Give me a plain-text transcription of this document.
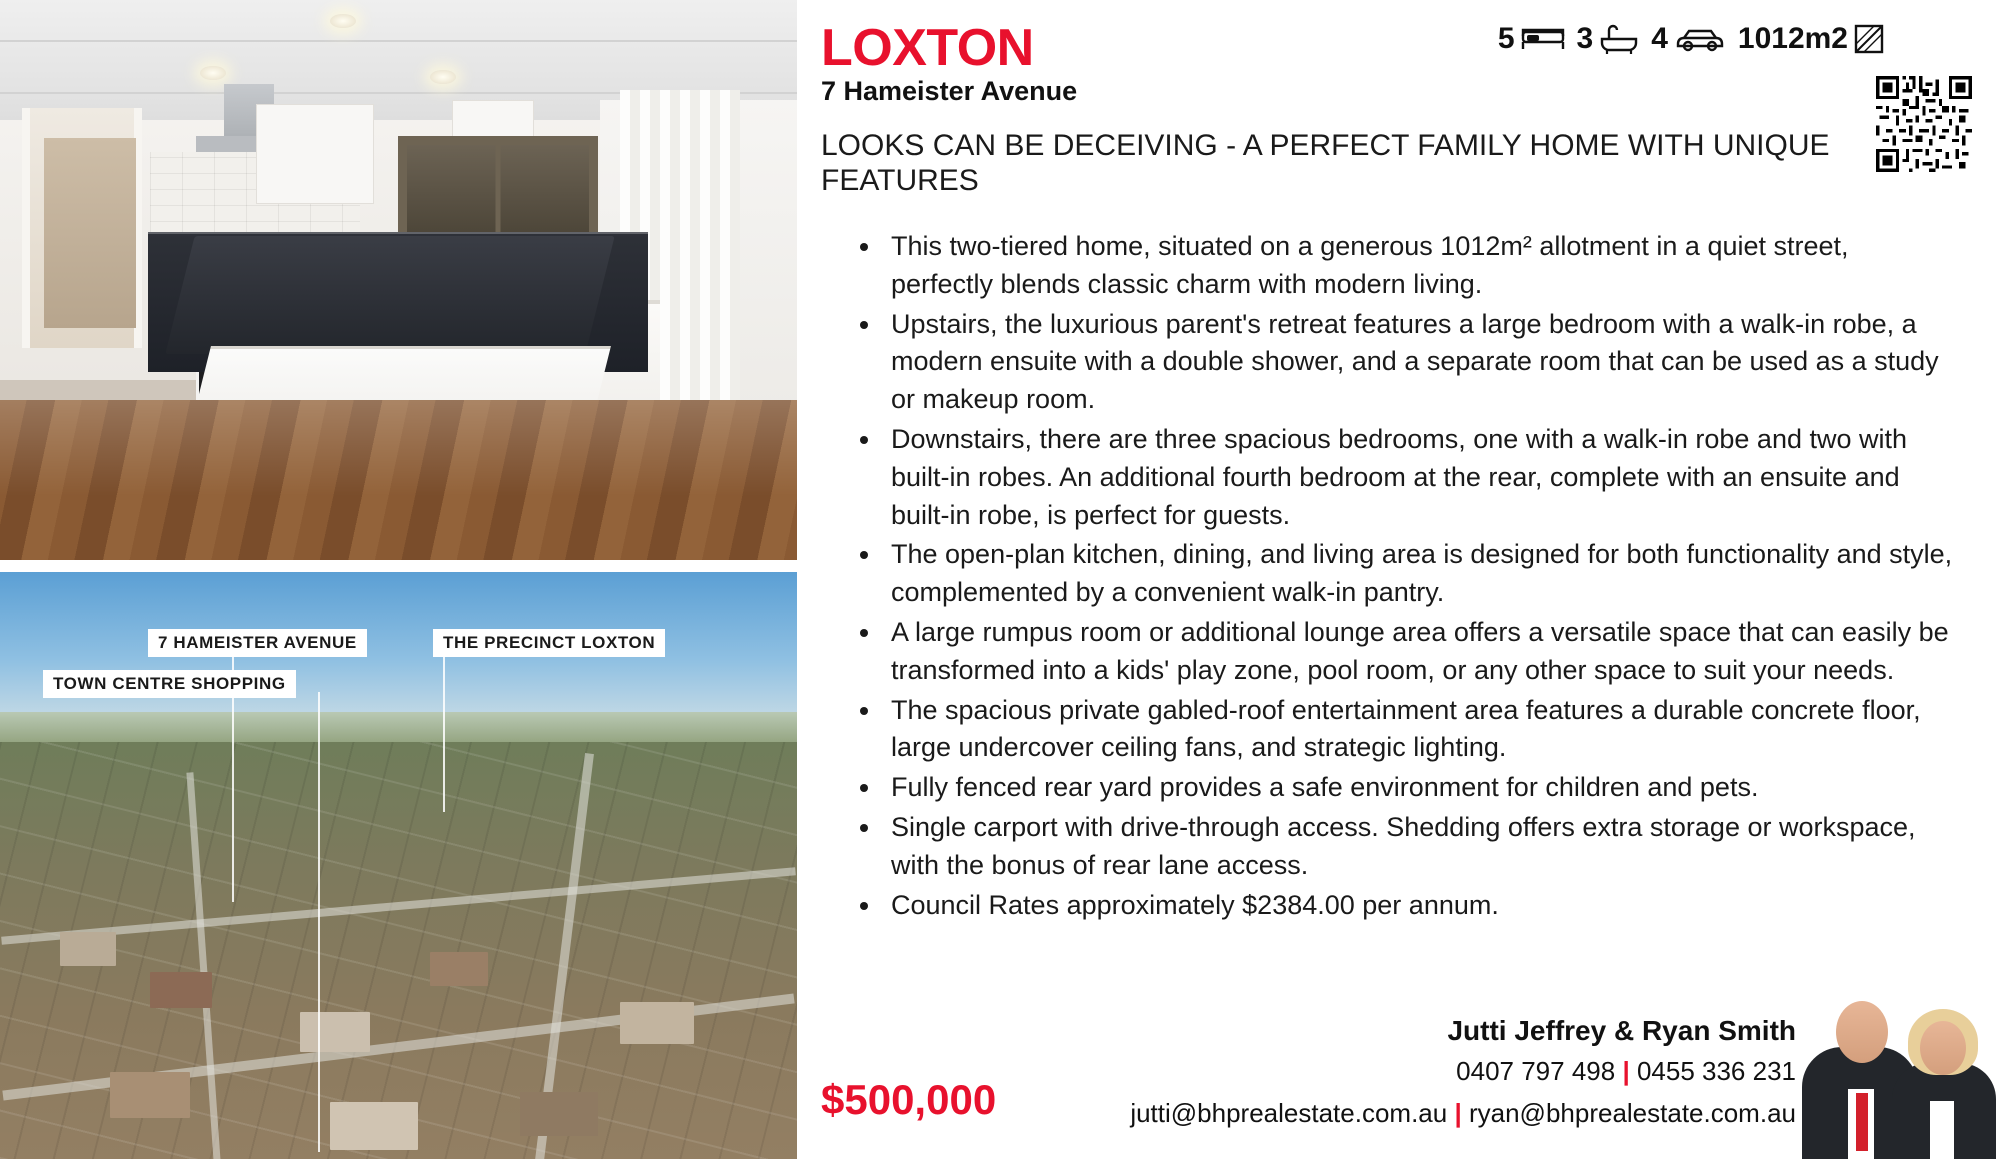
7 HAMEISTER AVENUE	THE PRECINCT LOXTON
TOWN CENTRE SHOPPING
LOXTON
7 Hameister Avenue
LOOKS CAN BE DECEIVING - A PERFECT FAMILY HOME WITH UNIQUE FEATURES
5 3 4 1012m2
• This two-tiered home, situated on a generous 1012m² allotment in a quiet street, perfectly blends classic charm with modern living.
• Upstairs, the luxurious parent's retreat features a large bedroom with a walk-in robe, a modern ensuite with a double shower, and a separate room that can be used as a study or makeup room.
• Downstairs, there are three spacious bedrooms, one with a walk-in robe and two with built-in robes. An additional fourth bedroom at the rear, complete with an ensuite and built-in robe, is perfect for guests.
• The open-plan kitchen, dining, and living area is designed for both functionality and style, complemented by a convenient walk-in pantry.
• A large rumpus room or additional lounge area offers a versatile space that can easily be transformed into a kids' play zone, pool room, or any other space to suit your needs.
• The spacious private gabled-roof entertainment area features a durable concrete floor, large undercover ceiling fans, and strategic lighting.
• Fully fenced rear yard provides a safe environment for children and pets.
• Single carport with drive-through access. Shedding offers extra storage or workspace, with the bonus of rear lane access.
• Council Rates approximately $2384.00 per annum.
$500,000
Jutti Jeffrey & Ryan Smith
0407 797 498 | 0455 336 231
jutti@bhprealestate.com.au | ryan@bhprealestate.com.au
